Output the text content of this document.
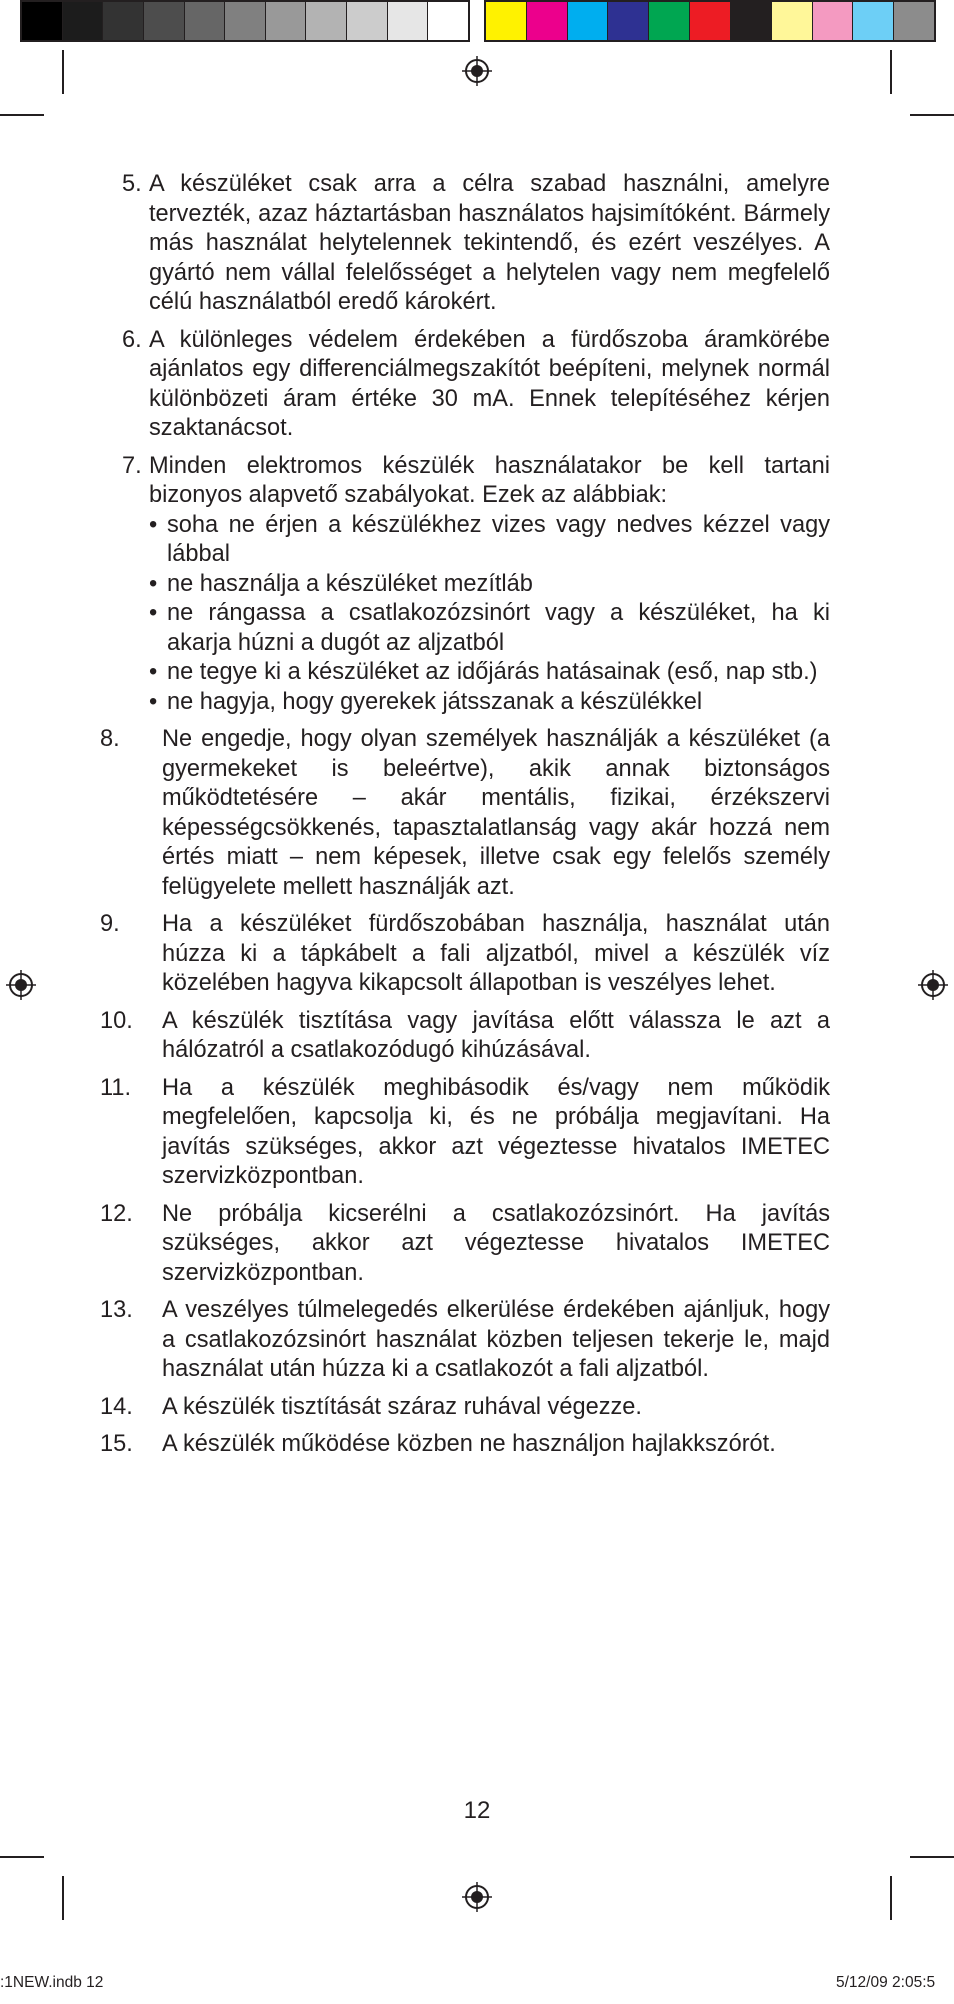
5. A készüléket csak arra a célra szabad használni, amelyre tervezték, azaz háztartásban használatos hajsimítóként. Bármely más használat helytelennek tekintendő, és ezért veszélyes. A gyártó nem vállal felelősséget a helytelen vagy nem megfelelő célú használatból eredő károkért.
6. A különleges védelem érdekében a fürdőszoba áramkörébe ajánlatos egy differenciálmegszakítót beépíteni, melynek normál különbözeti áram értéke 30 mA. Ennek telepítéséhez kérjen szaktanácsot.
7. Minden elektromos készülék használatakor be kell tartani bizonyos alapvető szabályokat. Ezek az alábbiak:
• soha ne érjen a készülékhez vizes vagy nedves kézzel vagy lábbal
• ne használja a készüléket mezítláb
• ne rángassa a csatlakozózsinórt vagy a készüléket, ha ki akarja húzni a dugót az aljzatból
• ne tegye ki a készüléket az időjárás hatásainak (eső, nap stb.)
• ne hagyja, hogy gyerekek játsszanak a készülékkel
8. Ne engedje, hogy olyan személyek használják a készüléket (a gyermekeket is beleértve), akik annak biztonságos működtetésére – akár mentális, fizikai, érzékszervi képességcsökkenés, tapasztalatlanság vagy akár hozzá nem értés miatt – nem képesek, illetve csak egy felelős személy felügyelete mellett használják azt.
9. Ha a készüléket fürdőszobában használja, használat után húzza ki a tápkábelt a fali aljzatból, mivel a készülék víz közelében hagyva kikapcsolt állapotban is veszélyes lehet.
10. A készülék tisztítása vagy javítása előtt válassza le azt a hálózatról a csatlakozódugó kihúzásával.
11. Ha a készülék meghibásodik és/vagy nem működik megfelelően, kapcsolja ki, és ne próbálja megjavítani. Ha javítás szükséges, akkor azt végeztesse hivatalos IMETEC szervizközpontban.
12. Ne próbálja kicserélni a csatlakozózsinórt. Ha javítás szükséges, akkor azt végeztesse hivatalos IMETEC szervizközpontban.
13. A veszélyes túlmelegedés elkerülése érdekében ajánljuk, hogy a csatlakozózsinórt használat közben teljesen tekerje le, majd használat után húzza ki a csatlakozót a fali aljzatból.
14. A készülék tisztítását száraz ruhával végezze.
15. A készülék működése közben ne használjon hajlakkszórót.
12
:1NEW.indb 12	5/12/09 2:05:5
